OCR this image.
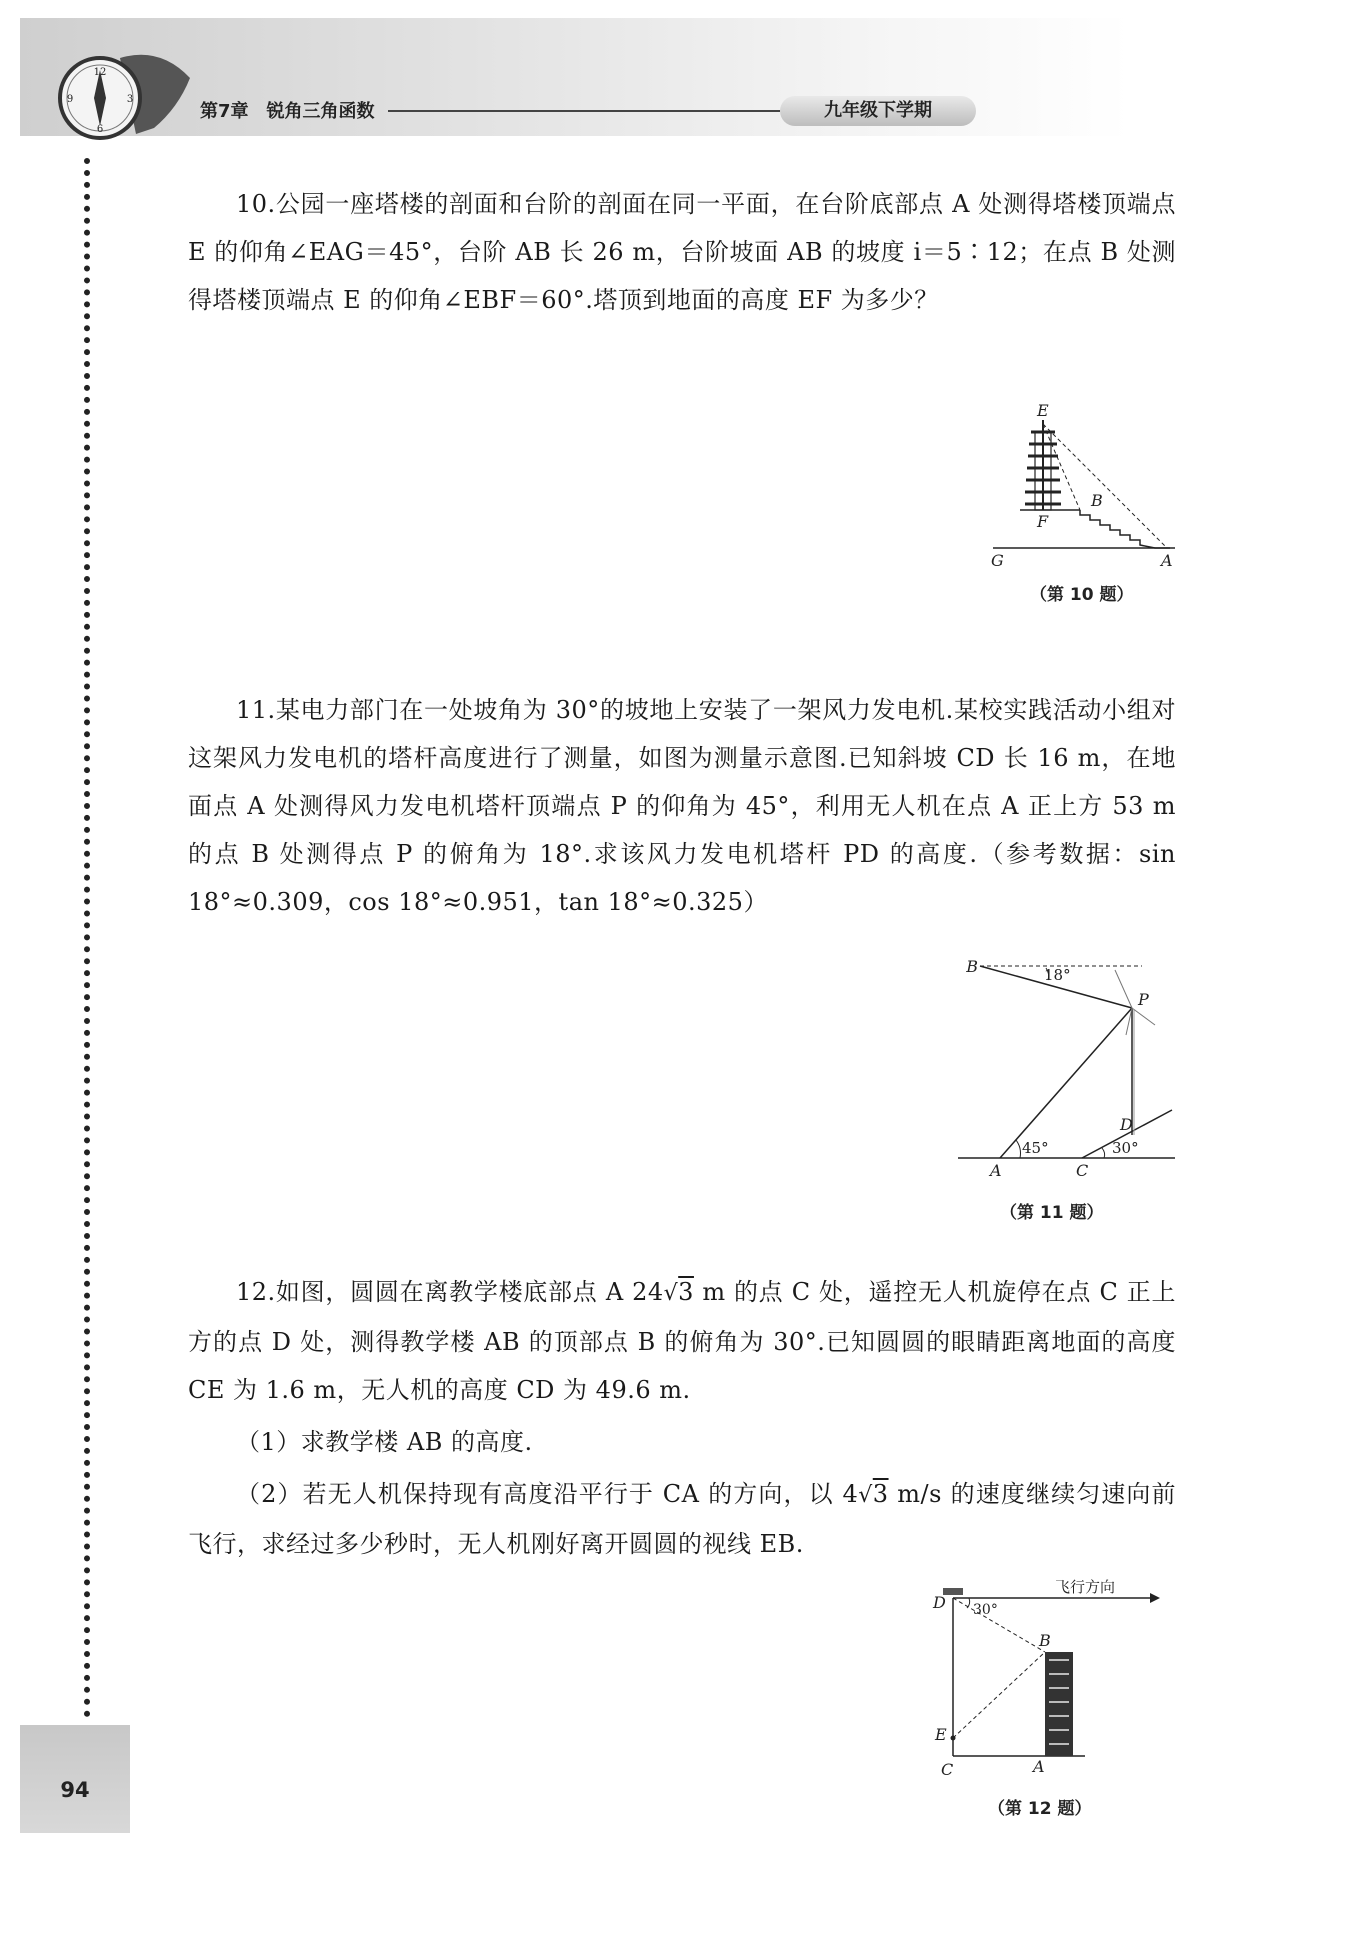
12
3
6
9
第7章 锐角三角函数	九年级下学期

10.公园一座塔楼的剖面和台阶的剖面在同一平面，在台阶底部点 A 处测得塔楼顶端点 E 的仰角∠EAG＝45°，台阶 AB 长 26 m，台阶坡面 AB 的坡度 i＝5∶12；在点 B 处测得塔楼顶端点 E 的仰角∠EBF＝60°.塔顶到地面的高度 EF 为多少？

E
B
F
G	A
（第 10 题）

11.某电力部门在一处坡角为 30°的坡地上安装了一架风力发电机.某校实践活动小组对这架风力发电机的塔杆高度进行了测量，如图为测量示意图.已知斜坡 CD 长 16 m，在地面点 A 处测得风力发电机塔杆顶端点 P 的仰角为 45°，利用无人机在点 A 正上方 53 m 的点 B 处测得点 P 的俯角为 18°.求该风力发电机塔杆 PD 的高度.（参考数据：sin 18°≈0.309，cos 18°≈0.951，tan 18°≈0.325）

B
P
D
A	C
18°
45°	30°
（第 11 题）

12.如图，圆圆在离教学楼底部点 A 24√3 m 的点 C 处，遥控无人机旋停在点 C 正上方的点 D 处，测得教学楼 AB 的顶部点 B 的俯角为 30°.已知圆圆的眼睛距离地面的高度 CE 为 1.6 m，无人机的高度 CD 为 49.6 m.

（1）求教学楼 AB 的高度.

（2）若无人机保持现有高度沿平行于 CA 的方向，以 4√3 m/s 的速度继续匀速向前飞行，求经过多少秒时，无人机刚好离开圆圆的视线 EB.

D
B
E
C	A
30°
飞行方向
（第 12 题）
94
